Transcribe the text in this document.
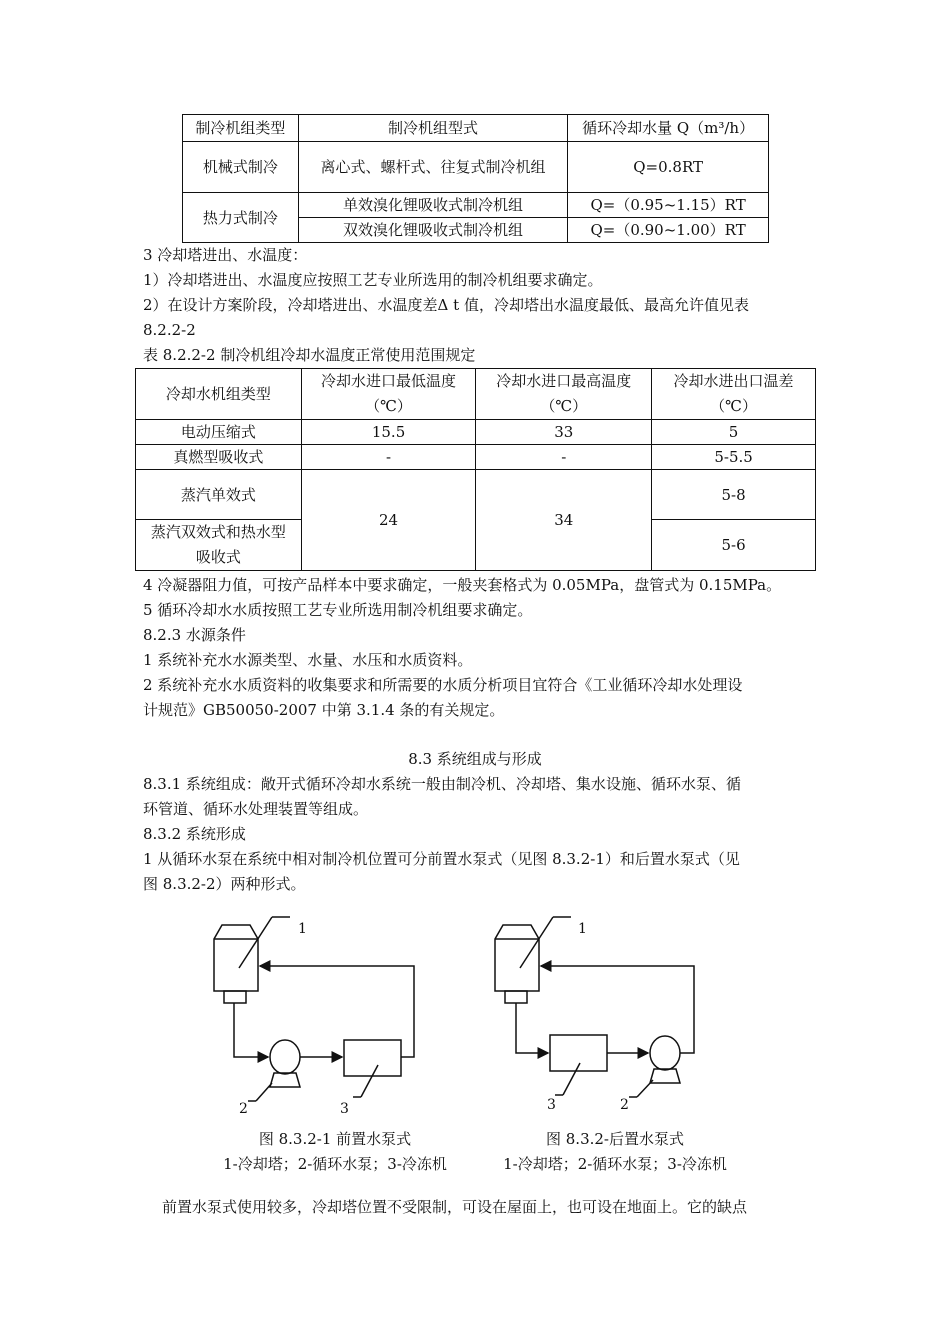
制冷机组类型	制冷机组型式	循环冷却水量 Q（m³/h）
机械式制冷	离心式、螺杆式、往复式制冷机组	Q=0.8RT
热力式制冷	单效溴化锂吸收式制冷机组	Q=（0.95~1.15）RT
	双效溴化锂吸收式制冷机组	Q=（0.90~1.00）RT
3 冷却塔进出、水温度：
1）冷却塔进出、水温度应按照工艺专业所选用的制冷机组要求确定。
2）在设计方案阶段，冷却塔进出、水温度差Δ t 值，冷却塔出水温度最低、最高允许值见表
8.2.2-2
表 8.2.2-2 制冷机组冷却水温度正常使用范围规定
冷却水机组类型	冷却水进口最低温度（℃）	冷却水进口最高温度（℃）	冷却水进出口温差（℃）

电动压缩式	15.5	33	5
真燃型吸收式	-	-	5-5.5
蒸汽单效式	24	34	5-8

蒸汽双效式和热水型吸收式			5-6
4 冷凝器阻力值，可按产品样本中要求确定，一般夹套格式为 0.05MPa，盘管式为 0.15MPa。
5 循环冷却水水质按照工艺专业所选用制冷机组要求确定。
8.2.3 水源条件
1 系统补充水水源类型、水量、水压和水质资料。
2 系统补充水水质资料的收集要求和所需要的水质分析项目宜符合《工业循环冷却水处理设
计规范》GB50050-2007 中第 3.1.4 条的有关规定。
8.3 系统组成与形成
8.3.1 系统组成：敞开式循环冷却水系统一般由制冷机、冷却塔、集水设施、循环水泵、循
环管道、循环水处理装置等组成。
8.3.2 系统形成
1 从循环水泵在系统中相对制冷机位置可分前置水泵式（见图 8.3.2-1）和后置水泵式（见
图 8.3.2-2）两种形式。
1
2	3
1
3	2
图 8.3.2-1 前置水泵式
1-冷却塔；2-循环水泵；3-冷冻机
图 8.3.2-后置水泵式
1-冷却塔；2-循环水泵；3-冷冻机
前置水泵式使用较多，冷却塔位置不受限制，可设在屋面上，也可设在地面上。它的缺点
